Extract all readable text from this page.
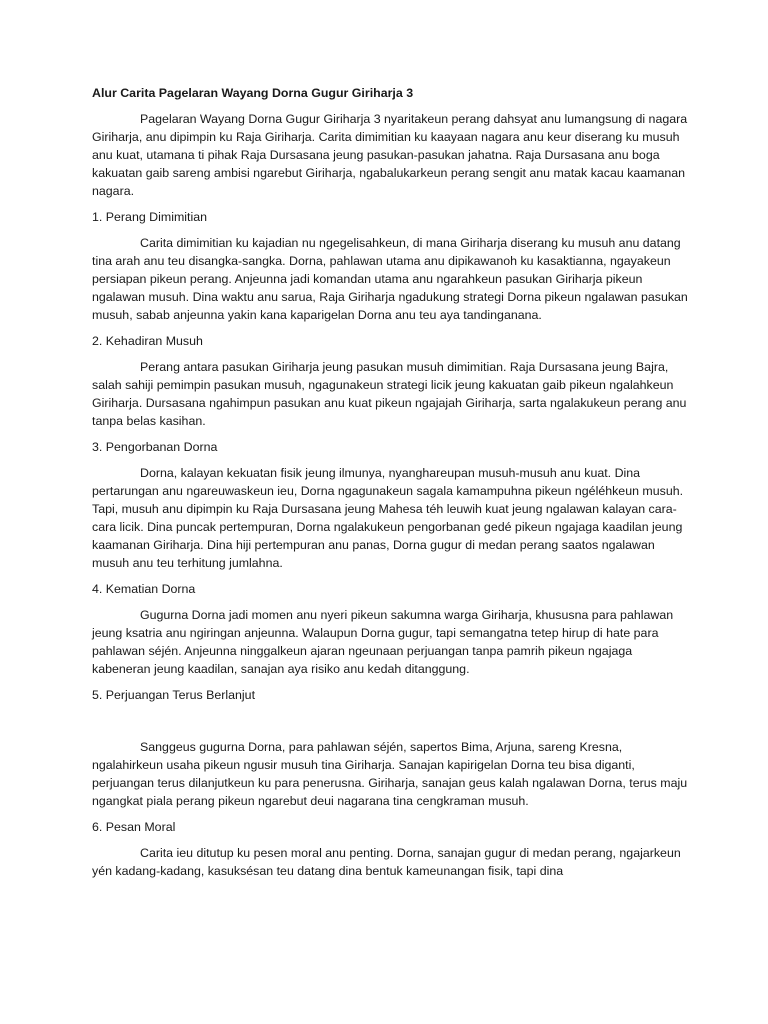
Alur Carita Pagelaran Wayang Dorna Gugur Giriharja 3
Pagelaran Wayang Dorna Gugur Giriharja 3 nyaritakeun perang dahsyat anu lumangsung di nagara Giriharja, anu dipimpin ku Raja Giriharja. Carita dimimitian ku kaayaan nagara anu keur diserang ku musuh anu kuat, utamana ti pihak Raja Dursasana jeung pasukan-pasukan jahatna. Raja Dursasana anu boga kakuatan gaib sareng ambisi ngarebut Giriharja, ngabalukarkeun perang sengit anu matak kacau kaamanan nagara.
1. Perang Dimimitian
Carita dimimitian ku kajadian nu ngegelisahkeun, di mana Giriharja diserang ku musuh anu datang tina arah anu teu disangka-sangka. Dorna, pahlawan utama anu dipikawanoh ku kasaktianna, ngayakeun persiapan pikeun perang. Anjeunna jadi komandan utama anu ngarahkeun pasukan Giriharja pikeun ngalawan musuh. Dina waktu anu sarua, Raja Giriharja ngadukung strategi Dorna pikeun ngalawan pasukan musuh, sabab anjeunna yakin kana kaparigelan Dorna anu teu aya tandinganana.
2. Kehadiran Musuh
Perang antara pasukan Giriharja jeung pasukan musuh dimimitian. Raja Dursasana jeung Bajra, salah sahiji pemimpin pasukan musuh, ngagunakeun strategi licik jeung kakuatan gaib pikeun ngalahkeun Giriharja. Dursasana ngahimpun pasukan anu kuat pikeun ngajajah Giriharja, sarta ngalakukeun perang anu tanpa belas kasihan.
3. Pengorbanan Dorna
Dorna, kalayan kekuatan fisik jeung ilmunya, nyanghareupan musuh-musuh anu kuat. Dina pertarungan anu ngareuwaskeun ieu, Dorna ngagunakeun sagala kamampuhna pikeun ngéléhkeun musuh. Tapi, musuh anu dipimpin ku Raja Dursasana jeung Mahesa téh leuwih kuat jeung ngalawan kalayan cara-cara licik. Dina puncak pertempuran, Dorna ngalakukeun pengorbanan gedé pikeun ngajaga kaadilan jeung kaamanan Giriharja. Dina hiji pertempuran anu panas, Dorna gugur di medan perang saatos ngalawan musuh anu teu terhitung jumlahna.
4. Kematian Dorna
Gugurna Dorna jadi momen anu nyeri pikeun sakumna warga Giriharja, khususna para pahlawan jeung ksatria anu ngiringan anjeunna. Walaupun Dorna gugur, tapi semangatna tetep hirup di hate para pahlawan séjén. Anjeunna ninggalkeun ajaran ngeunaan perjuangan tanpa pamrih pikeun ngajaga kabeneran jeung kaadilan, sanajan aya risiko anu kedah ditanggung.
5. Perjuangan Terus Berlanjut
Sanggeus gugurna Dorna, para pahlawan séjén, sapertos Bima, Arjuna, sareng Kresna, ngalahirkeun usaha pikeun ngusir musuh tina Giriharja. Sanajan kapirigelan Dorna teu bisa diganti, perjuangan terus dilanjutkeun ku para penerusna. Giriharja, sanajan geus kalah ngalawan Dorna, terus maju ngangkat piala perang pikeun ngarebut deui nagarana tina cengkraman musuh.
6. Pesan Moral
Carita ieu ditutup ku pesen moral anu penting. Dorna, sanajan gugur di medan perang, ngajarkeun yén kadang-kadang, kasuksésan teu datang dina bentuk kameunangan fisik, tapi dina
